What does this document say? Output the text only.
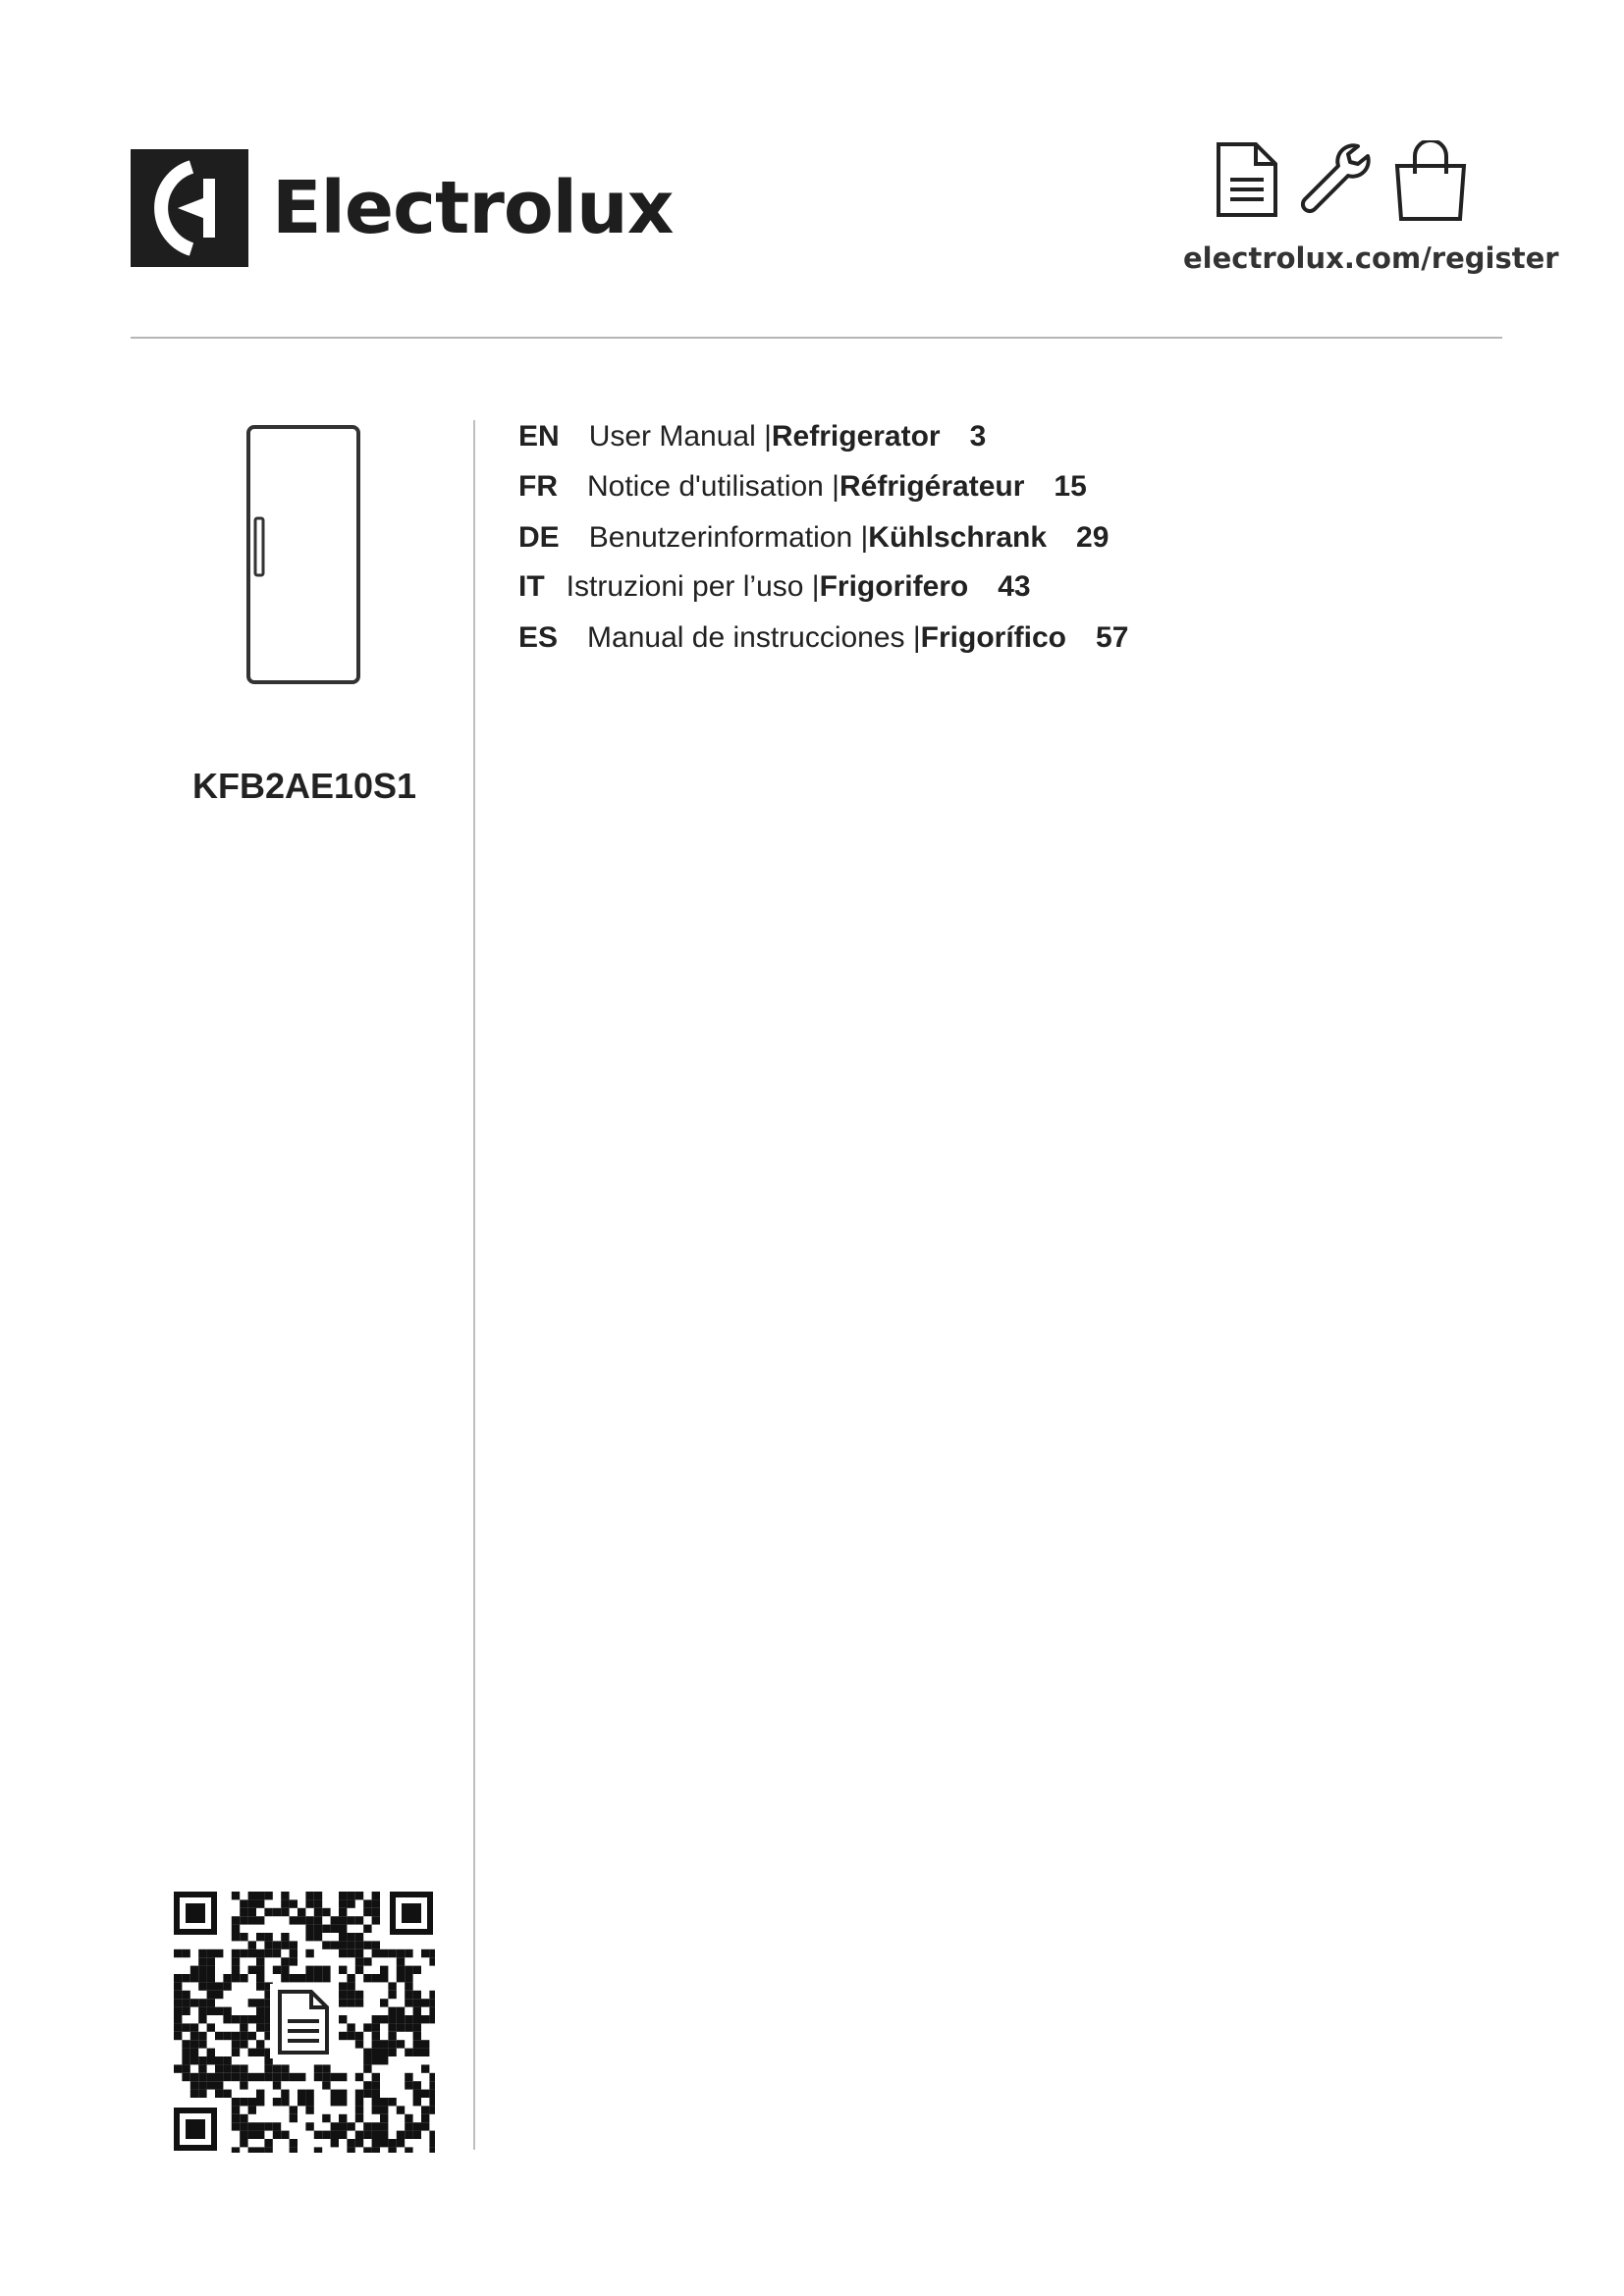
Electrolux
electrolux.com/register
KFB2AE10S1
EN User Manual | Refrigerator 3
FR Notice d'utilisation | Réfrigérateur 15
DE Benutzerinformation | Kühlschrank 29
IT Istruzioni per l’uso | Frigorifero 43
ES Manual de instrucciones | Frigorífico 57
